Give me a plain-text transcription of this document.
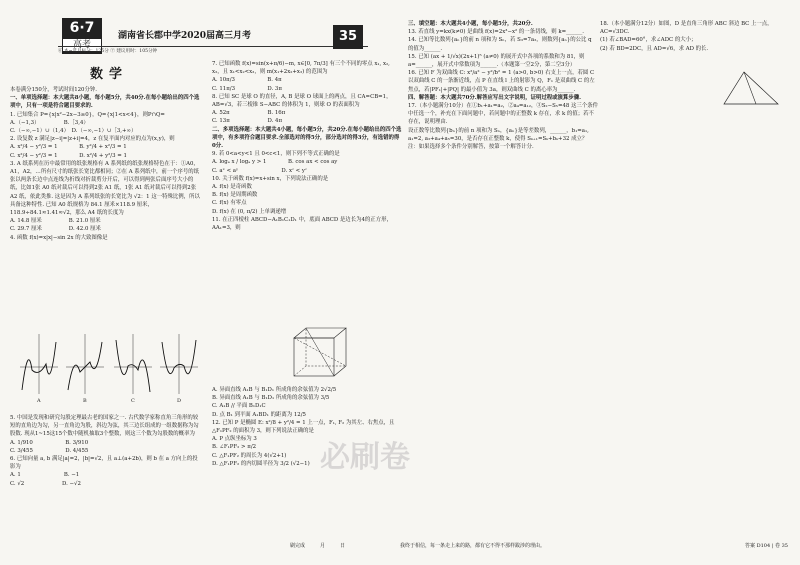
6·7
高考
湖南省长郡中学2020届高三月考	35
⑥ 本~选目标分：125分 ⑦ 建议用时：105分钟
数学

本卷满分150分，考试时间120分钟.

一、单项选择题：本大题共8小题，每小题5分，共40分.在每小题给出的四个选项中，只有一项是符合题目要求的.

1. 已知集合 P={x|x²−2x−3≥0}，Q={x|1<x<4}，则P∩Q=

A.（−1,3）　　　　　B.［3,4）

C.（−∞,−1）∪（1,4）　D.（−∞,−1）∪［3,+∞）

2. 设复数 z 满足|z−i|=|z+i|=4，z 在复平面内对应的点为(x,y)，则

A. x²/4 − y²/3 = 1　　　　B. y²/4 + x²/3 = 1

C. x²/4 − y²/3 = 1　　　　D. x²/4 + y²/3 = 1

3. A 纸系列在历中最常用的纸张规格有 A 系列纸的纸张规格特色在于：①A0，A1，A2，…所有尺寸的纸张长宽比都相同；②在 A 系列纸中，前一个序号的纸张以两条长边中点连线为折线对折裁剪分开后，可以得到两张后面序号大小的纸，比如1张 A0 纸对裁后可以得到2张 A1 纸，1张 A1 纸对裁后可以得到2张 A2 纸，依此类推. 这是因为 A 系列纸张的长宽比为 √2：1 这一特殊比例，所以具备这种特性. 已知 A0 纸规格为 84.1 厘米×118.9 厘米，118.9÷84.1≈1.41≈√2，那么 A4 纸的长度为

A. 14.8 厘米　　　　　B. 21.0 厘米

C. 29.7 厘米　　　　　D. 42.0 厘米

4. 函数 f(x)=x|x|−sin 2x 的大致图像是

5. 中国是发现和研究勾股定理最古老的国家之一. 古代数学家称直角三角形的较短的直角边为勾，另一直角边为股，斜边为弦，其三边长组成的一组数据称为勾股数. 现从1~15这15个数中随机抽取3个整数，则这三个数为勾股数的概率为

A. 1/910　　　　　　B. 3/910

C. 3/455　　　　　　D. 4/455

6. 已知向量 a, b 满足|a|=2，|b|=√2，且 a⊥(a+2b)，则 b 在 a 方向上的投影为

A. 1　　　　　　　　B. −1

C. √2　　　　　　　D. −√2

A	B	C	D

7. 已知函数 f(x)=sin(x+π/6)−m, x∈[0, 7π/3] 有三个不同的零点 x₁, x₂, x₃，且 x₁<x₂<x₃，则 m(x₁+2x₂+x₃) 的范围为

A. 10π/3　　　　　　B. 4π

C. 11π/3　　　　　　D. 3π

8. 已知 SC 是球 O 的直径，A, B 是球 O 球面上的两点，且 CA=CB=1，AB=√3，若三棱锥 S−ABC 的体积为 1，则球 O 的表面积为

A. 52π　　　　　　　B. 16π

C. 13π　　　　　　　D. 4π

二、多项选择题：本大题共4小题，每小题5分，共20分.在每小题给出的四个选项中，有多项符合题目要求.全部选对的得5分，部分选对的得3分，有选错的得0分.

9. 若 0<a<y<1 且 0<c<1，则下列不等式正确的是

A. logₐ x / logₐ y > 1　　　　B. cos ax < cos ay

C. aˣ < aʸ　　　　　　　　D. xᶜ < yᶜ

10. 关于函数 f(x)=x+sin x，下列说法正确的是

A. f(x) 是奇函数

B. f(x) 是周期函数

C. f(x) 有零点

D. f(x) 在 (0, π/2) 上单调递增

11. 在正四棱柱 ABCD−A₁B₁C₁D₁ 中，底面 ABCD 是边长为4的正方形，AA₁=3，则

A. 异面直线 A₁B 与 B₁D₁ 所成角的余弦值为 2√2/5

B. 异面直线 A₁B 与 B₁D₁ 所成角的余弦值为 3/5

C. A₁B // 平面 B₁D₁C

D. 点 B₁ 到平面 A₁BD₁ 的距离为 12/5

12. 已知 P 是椭圆 E: x²/8 + y²/4 = 1 上一点，F₁, F₂ 为其左、右焦点，且 △F₁PF₂ 的面积为 3，则下列说法正确的是

A. P 点纵坐标为 3

B. ∠F₁PF₂ > π/2

C. △F₁PF₂ 的周长为 4(√2+1)

D. △F₁PF₂ 的内切圆半径为 3/2 (√2−1)

三、填空题：本大题共4小题，每小题5分，共20分.

13. 若直线 y=kx(k≠0) 是曲线 f(x)=2x³−x² 的一条切线，则 k=______.

14. 已知等比数列{aₙ}的前 n 项和为 Sₙ，若 S₃=7a₃，则数列{aₙ}的公比 q 的值为______.

15. 已知 (ax + 1/√x)(2x+1)⁵ (a≠0) 的展开式中各项的系数和为 81，则 a=______，展开式中常数项为______.（本题第一空2分，第二空3分）

16. 已知 F 为双曲线 C: x²/a² − y²/b² = 1 (a>0, b>0) 右支上一点，若圆 C 以双曲线 C 的一条渐近线，点 P 在直线 l 上的射影为 Q，F₁ 是双曲线 C 的左焦点，若|PF₁|+|PQ| 的最小值为 3a，则双曲线 C 的离心率为______.

四、解答题：本大题共70分.解答应写出文字说明，证明过程或演算步骤.

17.（本小题满分10分）在①b₁+a₁=a₂，②a₄=a₁₂，③S₂−S₅=48 这三个条件中任选一个，补充在下面问题中，若问题中的正整数 k 存在，求 k 的值；若不存在，说明理由.

设正数等比数列{bₙ}的前 n 项和为 Sₙ，{aₙ}是等差数列，______，b₁=a₁, a₁=2, a₃+a₄+a₅=30，是否存在正整数 k，使得 Sₖ₊₁=Sₖ+bₖ+32 成立？

注：如果选择多个条件分别解答，按第一个解答计分.

18.（本小题满分12分）如图，D 是直角三角形 ABC 斜边 BC 上一点，AC=√3DC.

(1) 若∠BAD=60°，求∠ADC 的大小；

(2) 若 BD=2DC，且 AD=√6，求 AD 的长.

必刷卷
刷完成　　　月　　　日	我终于相信，每一条走上来的路，都有它不得不那样跋涉的理由。	答案 D104 | 卷 35
